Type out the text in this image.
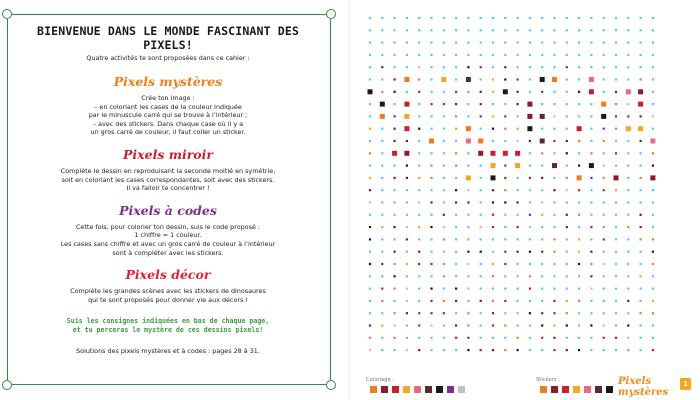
BIENVENUE DANS LE MONDE FASCINANT DES PIXELS!
Quatre activités te sont proposées dans ce cahier :
Pixels mystères

Crée ton image :

– en coloriant les cases de la couleur indiquée

par le minuscule carré qui se trouve à l’intérieur ;

– avec des stickers. Dans chaque case où il y a

un gros carré de couleur, il faut coller un sticker.

Pixels miroir

Complète le dessin en reproduisant la seconde moitié en symétrie,

soit en coloriant les cases correspondantes, soit avec des stickers.

Il va falloir te concentrer !

Pixels à codes

Cette fois, pour colorier ton dessin, suis le code proposé :

1 chiffre = 1 couleur.

Les cases sans chiffre et avec un gros carré de couleur à l’intérieur

sont à compléter avec les stickers.

Pixels décor

Complète les grandes scènes avec les stickers de dinosaures

qui te sont proposés pour donner vie aux décors !

Suis les consignes indiquées en bas de chaque page,

et tu perceras le mystère de ces dessins pixels!

Solutions des pixels mystères et à codes : pages 28 à 31.

Coloriage :	Stickers :	Pixels mystères
1
